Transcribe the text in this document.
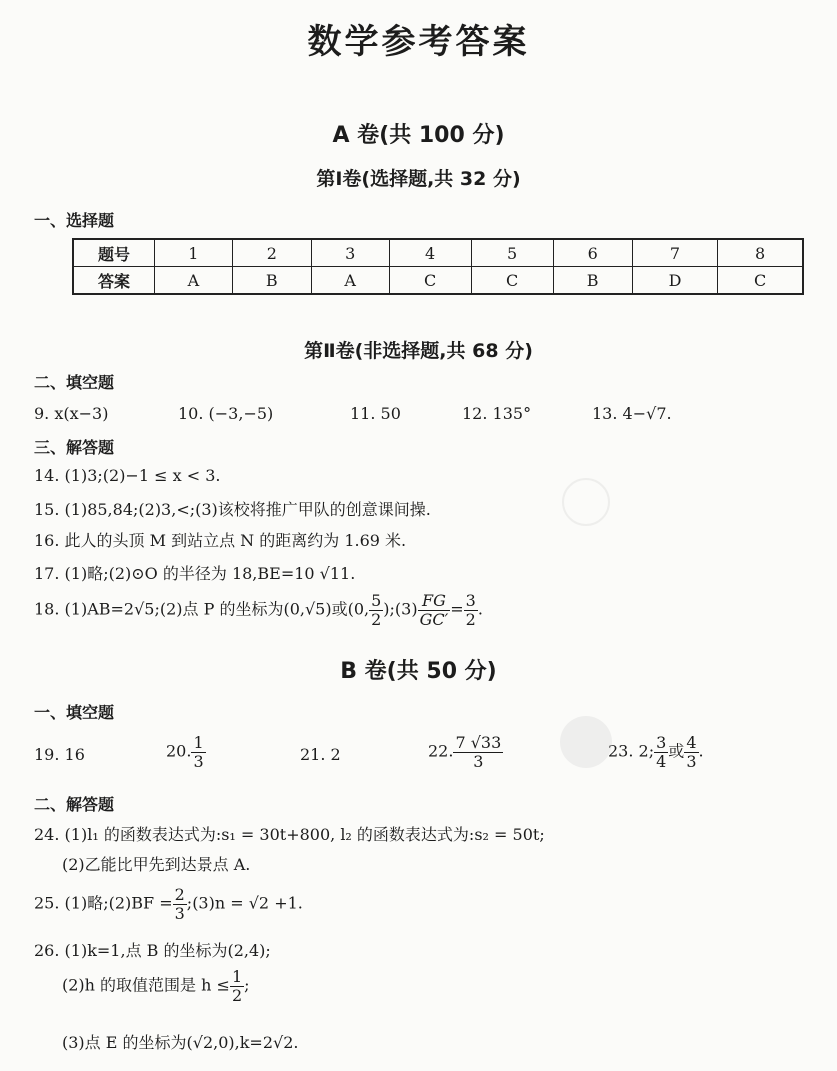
数学参考答案
A 卷(共 100 分)
第Ⅰ卷(选择题,共 32 分)
一、选择题
题号	1	2	3	4	5	6	7	8
答案	A	B	A	C	C	B	D	C
第Ⅱ卷(非选择题,共 68 分)
二、填空题
9. x(x−3)	10. (−3,−5)	11. 50	12. 135°	13. 4−√7.
三、解答题
14. (1)3;(2)−1 ≤ x < 3.
15. (1)85,84;(2)3,<;(3)该校将推广甲队的创意课间操.
16. 此人的头顶 M 到站立点 N 的距离约为 1.69 米.
17. (1)略;(2)⊙O 的半径为 18,BE=10 √11.
18. (1)AB=2√5;(2)点 P 的坐标为(0,√5)或(0, $\frac{5}{2}$ );(3) $\frac{FG}{GC'} = \frac{3}{2}$ .
B 卷(共 50 分)
一、填空题
19. 16	20. $\frac{1}{3}$	21. 2	22. $\frac{7 √33}{3}$	23. 2; $\frac{3}{4}$ 或 $\frac{4}{3}$ .
二、解答题
24. (1)l₁ 的函数表达式为:s₁ = 30t+800, l₂ 的函数表达式为:s₂ = 50t;
(2)乙能比甲先到达景点 A.
25. (1)略;(2)BF = $\frac{2}{3}$ ;(3)n = √2 +1.
26. (1)k=1,点 B 的坐标为(2,4);
(2)h 的取值范围是 $h \le \frac{1}{2}$ ;
(3)点 E 的坐标为(√2,0),k=2√2.
